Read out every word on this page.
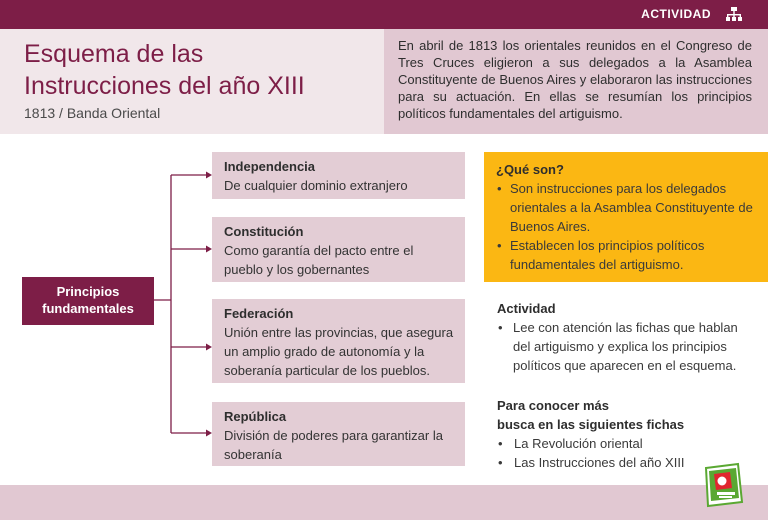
ACTIVIDAD
Esquema de las
Instrucciones del año XIII
1813 / Banda Oriental
En abril de 1813 los orientales reunidos en el Congreso de Tres Cruces eligieron a sus delegados a la Asamblea Constituyente de Buenos Aires y elaboraron las instrucciones para su actuación. En ellas se resumían los principios políticos fundamentales del artiguismo.
Principios
fundamentales
Independencia
De cualquier dominio extranjero
Constitución
Como garantía del pacto entre el pueblo y los gobernantes
Federación
Unión entre las provincias, que asegura un amplio grado de autonomía y la soberanía particular de los pueblos.
República
División de poderes para garantizar la soberanía
¿Qué son?
• Son instrucciones para los delegados orientales a la Asamblea Constituyente de Buenos Aires.
• Establecen los principios políticos fundamentales del artiguismo.
Actividad
• Lee con atención las fichas que hablan del artiguismo y explica los principios políticos que aparecen en el esquema.
Para conocer más
busca en las siguientes fichas
• La Revolución oriental
• Las Instrucciones del año XIII
